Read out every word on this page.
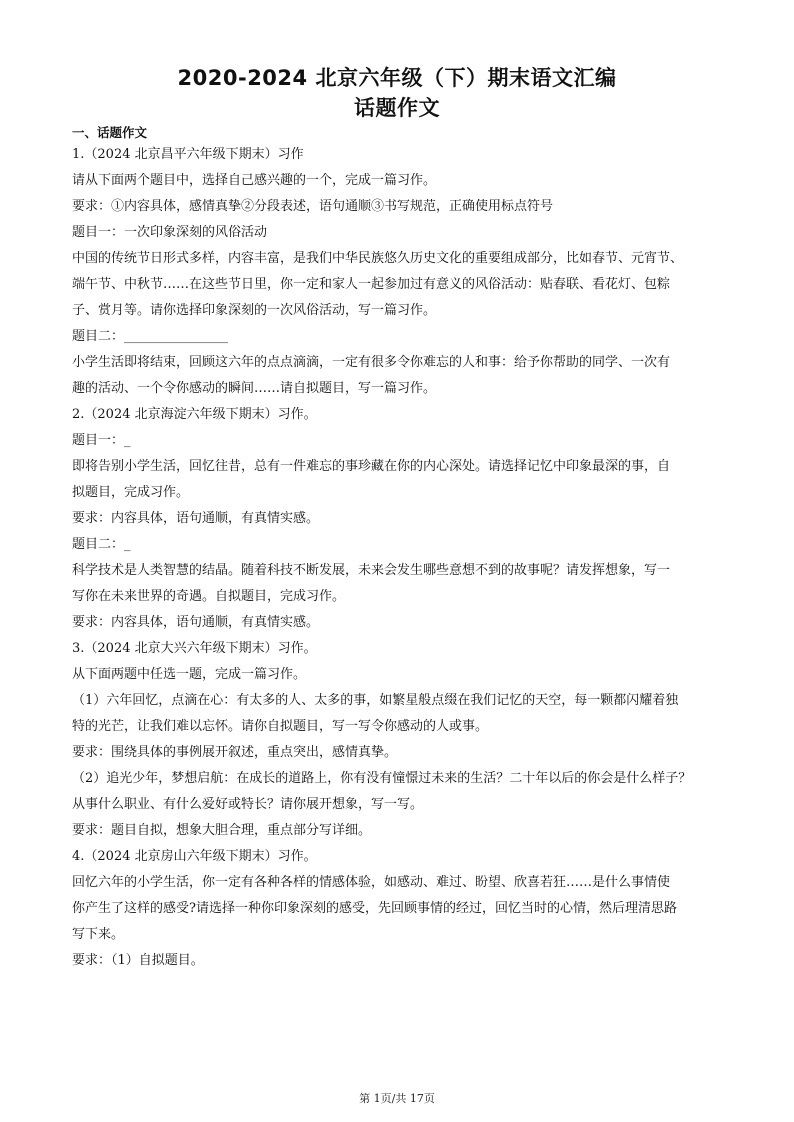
2020-2024 北京六年级（下）期末语文汇编
话题作文

一、话题作文

1.（2024 北京昌平六年级下期末）习作

请从下面两个题目中，选择自己感兴趣的一个，完成一篇习作。

要求：①内容具体，感情真挚②分段表述，语句通顺③书写规范，正确使用标点符号

题目一：一次印象深刻的风俗活动

中国的传统节日形式多样，内容丰富，是我们中华民族悠久历史文化的重要组成部分，比如春节、元宵节、

端午节、中秋节……在这些节日里，你一定和家人一起参加过有意义的风俗活动：贴春联、看花灯、包粽

子、赏月等。请你选择印象深刻的一次风俗活动，写一篇习作。

题目二：________________

小学生活即将结束，回顾这六年的点点滴滴，一定有很多令你难忘的人和事：给予你帮助的同学、一次有

趣的活动、一个令你感动的瞬间……请自拟题目，写一篇习作。

2.（2024 北京海淀六年级下期末）习作。

题目一：_

即将告别小学生活，回忆往昔，总有一件难忘的事珍藏在你的内心深处。请选择记忆中印象最深的事，自

拟题目，完成习作。

要求：内容具体，语句通顺，有真情实感。

题目二：_

科学技术是人类智慧的结晶。随着科技不断发展，未来会发生哪些意想不到的故事呢？请发挥想象，写一

写你在未来世界的奇遇。自拟题目，完成习作。

要求：内容具体，语句通顺，有真情实感。

3.（2024 北京大兴六年级下期末）习作。

从下面两题中任选一题，完成一篇习作。

（1）六年回忆，点滴在心：有太多的人、太多的事，如繁星般点缀在我们记忆的天空，每一颗都闪耀着独

特的光芒，让我们难以忘怀。请你自拟题目，写一写令你感动的人或事。

要求：围绕具体的事例展开叙述，重点突出，感情真挚。

（2）追光少年，梦想启航：在成长的道路上，你有没有憧憬过未来的生活？二十年以后的你会是什么样子？

从事什么职业、有什么爱好或特长？请你展开想象，写一写。

要求：题目自拟，想象大胆合理，重点部分写详细。

4.（2024 北京房山六年级下期末）习作。

回忆六年的小学生活，你一定有各种各样的情感体验，如感动、难过、盼望、欣喜若狂……是什么事情使

你产生了这样的感受?请选择一种你印象深刻的感受，先回顾事情的经过，回忆当时的心情，然后理清思路

写下来。

要求：（1）自拟题目。

第 1页/共 17页
